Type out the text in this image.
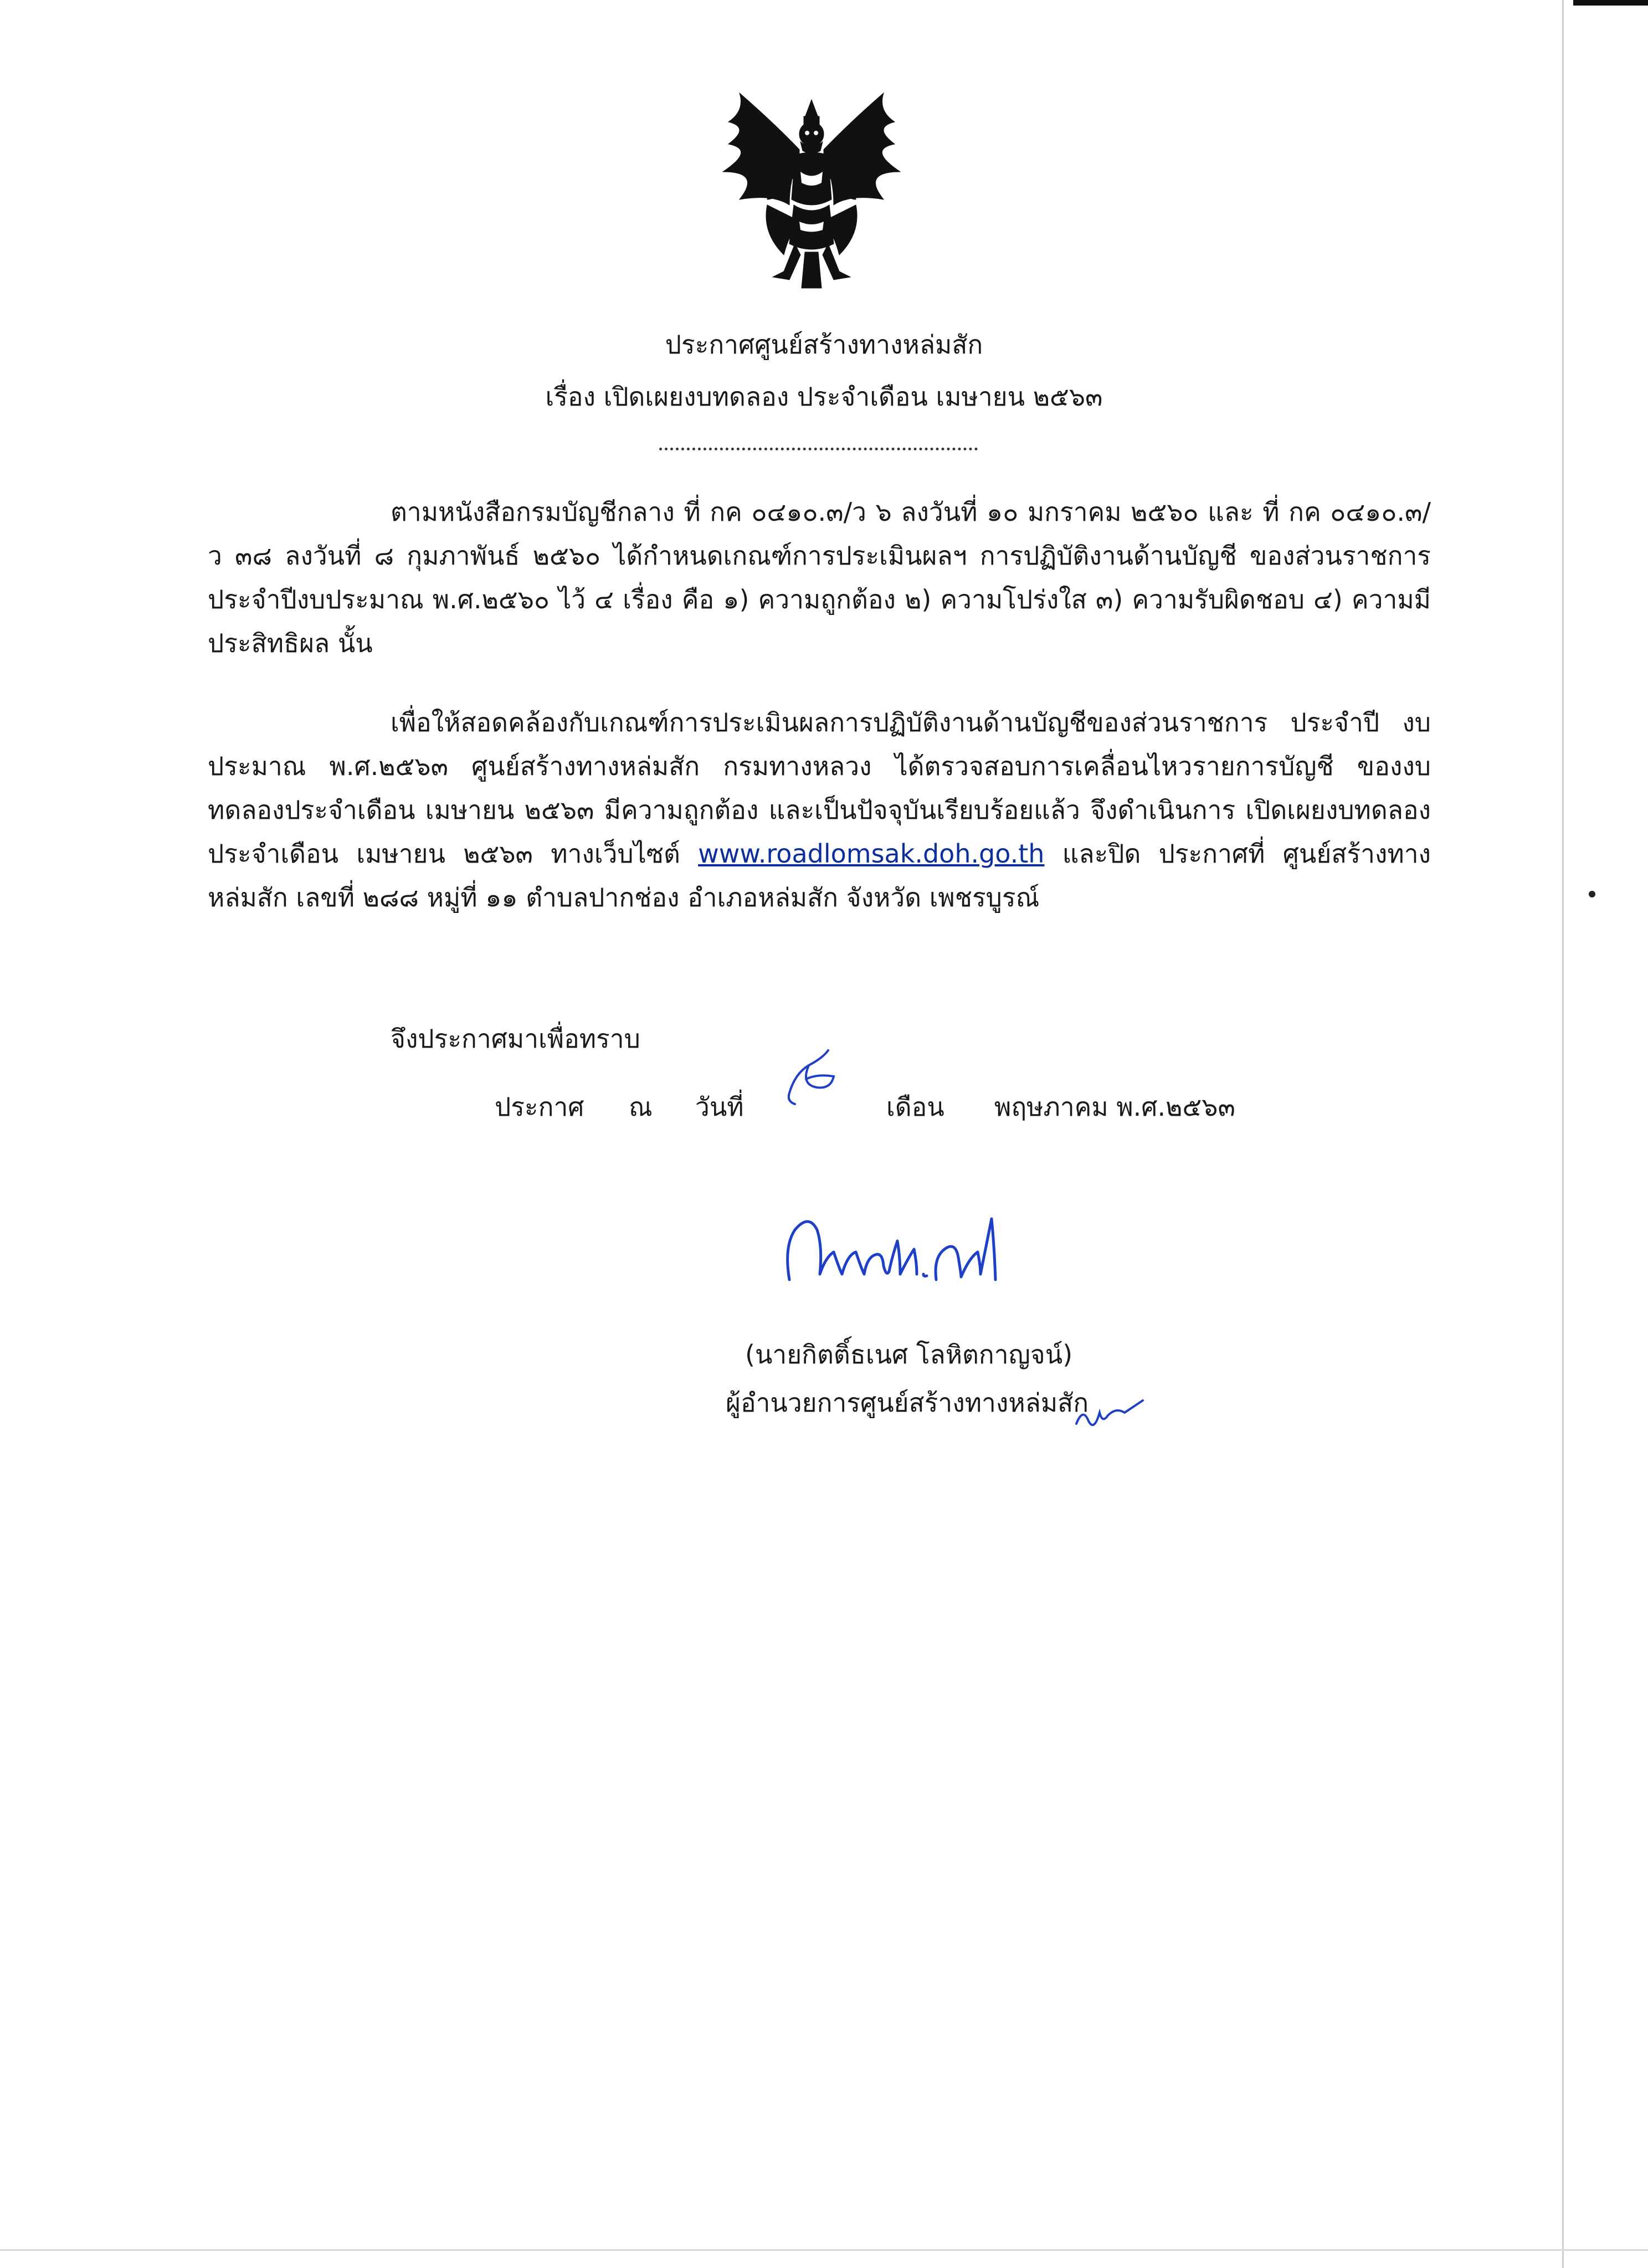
ประกาศศูนย์สร้างทางหล่มสัก
เรื่อง เปิดเผยงบทดลอง ประจำเดือน เมษายน ๒๕๖๓
ตามหนังสือกรมบัญชีกลาง ที่ กค ๐๔๑๐.๓/ว ๖ ลงวันที่ ๑๐ มกราคม ๒๕๖๐ และ ที่ กค ๐๔๑๐.๓/ว ๓๘ ลงวันที่ ๘ กุมภาพันธ์ ๒๕๖๐ ได้กำหนดเกณฑ์การประเมินผลฯ การปฏิบัติงานด้านบัญชี ของส่วนราชการ ประจำปีงบประมาณ พ.ศ.๒๕๖๐ ไว้ ๔ เรื่อง คือ ๑) ความถูกต้อง ๒) ความโปร่งใส ๓) ความรับผิดชอบ ๔) ความมีประสิทธิผล นั้น
เพื่อให้สอดคล้องกับเกณฑ์การประเมินผลการปฏิบัติงานด้านบัญชีของส่วนราชการ ประจำปี งบประมาณ พ.ศ.๒๕๖๓ ศูนย์สร้างทางหล่มสัก กรมทางหลวง ได้ตรวจสอบการเคลื่อนไหวรายการบัญชี ของงบทดลองประจำเดือน เมษายน ๒๕๖๓ มีความถูกต้อง และเป็นปัจจุบันเรียบร้อยแล้ว จึงดำเนินการ เปิดเผยงบทดลอง ประจำเดือน เมษายน ๒๕๖๓ ทางเว็บไซต์ www.roadlomsak.doh.go.th และปิด ประกาศที่ ศูนย์สร้างทางหล่มสัก เลขที่ ๒๘๘ หมู่ที่ ๑๑ ตำบลปากช่อง อำเภอหล่มสัก จังหวัด เพชรบูรณ์
จึงประกาศมาเพื่อทราบ
ประกาศ ณ วันที่	เดือน พฤษภาคม พ.ศ.๒๕๖๓
(นายกิตติ์ธเนศ โลหิตกาญจน์)
ผู้อำนวยการศูนย์สร้างทางหล่มสัก
